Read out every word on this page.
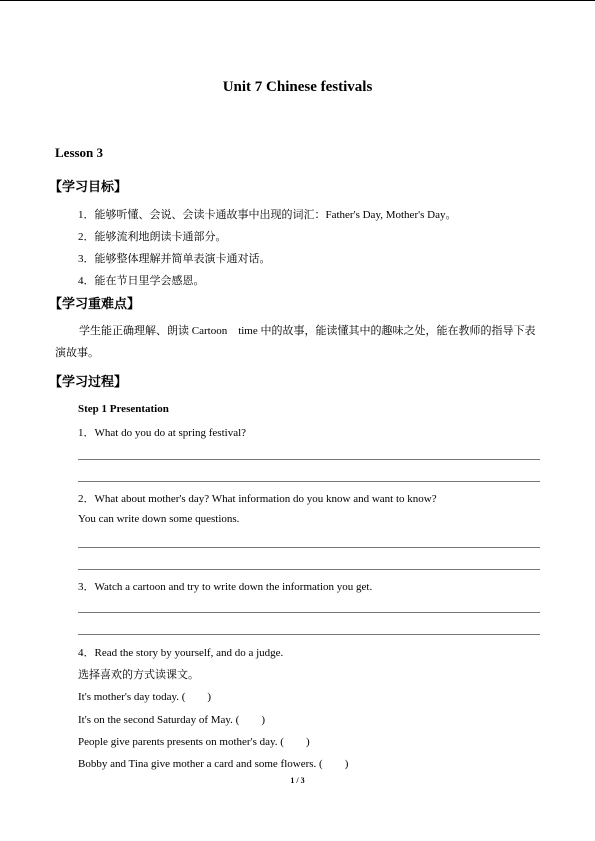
Unit 7 Chinese festivals
Lesson 3
【学习目标】
1．能够听懂、会说、会读卡通故事中出现的词汇：Father's Day, Mother's Day。
2．能够流利地朗读卡通部分。
3．能够整体理解并简单表演卡通对话。
4．能在节日里学会感恩。
【学习重难点】
学生能正确理解、朗读 Cartoon　time 中的故事，能读懂其中的趣味之处，能在教师的指导下表演故事。
【学习过程】
Step 1 Presentation
1．What do you do at spring festival?
2．What about mother's day? What information do you know and want to know?
You can write down some questions.
3．Watch a cartoon and try to write down the information you get.
4．Read the story by yourself, and do a judge.
选择喜欢的方式读课文。
It's mother's day today. (　　)
It's on the second Saturday of May. (　　)
People give parents presents on mother's day. (　　)
Bobby and Tina give mother a card and some flowers. (　　)
1 / 3
